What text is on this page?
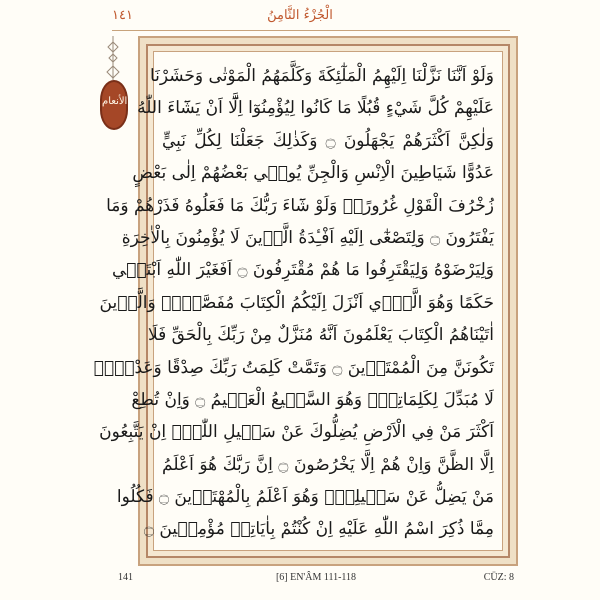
١٤١	الْجُزْءُ الثَّامِنُ
الأنعام
وَلَوْ اَنَّنَا نَزَّلْنَا اِلَيْهِمُ الْمَلٰٓئِكَةَ وَكَلَّمَهُمُ الْمَوْتٰى وَحَشَرْنَا
عَلَيْهِمْ كُلَّ شَيْءٍ قُبُلًا مَا كَانُوا لِيُؤْمِنُوٓا اِلَّٓا اَنْ يَشَٓاءَ اللّٰهُ
وَلٰكِنَّ اَكْثَرَهُمْ يَجْهَلُونَ ۝ وَكَذٰلِكَ جَعَلْنَا لِكُلِّ نَبِيٍّ
عَدُوًّا شَيَاطِينَ الْاِنْسِ وَالْجِنِّ يُوحٖي بَعْضُهُمْ اِلٰى بَعْضٍ
زُخْرُفَ الْقَوْلِ غُرُورًاۜ وَلَوْ شَٓاءَ رَبُّكَ مَا فَعَلُوهُ فَذَرْهُمْ وَمَا
يَفْتَرُونَ ۝ وَلِتَصْغٰٓى اِلَيْهِ اَفْـِٔدَةُ الَّذٖينَ لَا يُؤْمِنُونَ بِالْاٰخِرَةِ
وَلِيَرْضَوْهُ وَلِيَقْتَرِفُوا مَا هُمْ مُقْتَرِفُونَ ۝ اَفَغَيْرَ اللّٰهِ اَبْتَغٖي
حَكَمًا وَهُوَ الَّذٖٓي اَنْزَلَ اِلَيْكُمُ الْكِتَابَ مُفَصَّلًاۜ وَالَّذٖينَ
اٰتَيْنَاهُمُ الْكِتَابَ يَعْلَمُونَ اَنَّهُ مُنَزَّلٌ مِنْ رَبِّكَ بِالْحَقِّ فَلَا
تَكُونَنَّ مِنَ الْمُمْتَرٖينَ ۝ وَتَمَّتْ كَلِمَتُ رَبِّكَ صِدْقًا وَعَدْلًاۜ
لَا مُبَدِّلَ لِكَلِمَاتِهٖۚ وَهُوَ السَّمٖيعُ الْعَلٖيمُ ۝ وَاِنْ تُطِعْ
اَكْثَرَ مَنْ فِي الْاَرْضِ يُضِلُّوكَ عَنْ سَبٖيلِ اللّٰهِۜ اِنْ يَتَّبِعُونَ
اِلَّا الظَّنَّ وَاِنْ هُمْ اِلَّا يَخْرُصُونَ ۝ اِنَّ رَبَّكَ هُوَ اَعْلَمُ
مَنْ يَضِلُّ عَنْ سَبٖيلِهٖۚ وَهُوَ اَعْلَمُ بِالْمُهْتَدٖينَ ۝ فَكُلُوا
مِمَّا ذُكِرَ اسْمُ اللّٰهِ عَلَيْهِ اِنْ كُنْتُمْ بِاٰيَاتِهٖ مُؤْمِنٖينَ ۝
141	[6] EN'ÂM 111-118	CÜZ: 8
